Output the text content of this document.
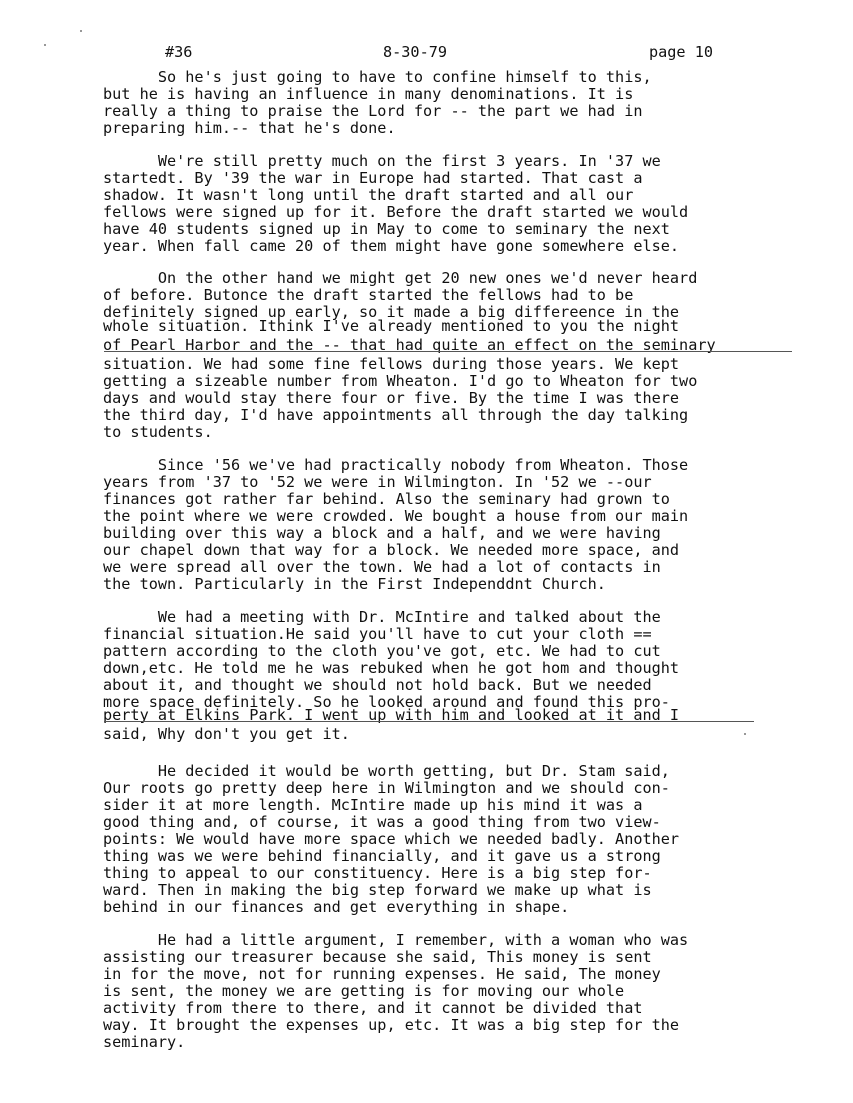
#36	8-30-79	page 10
So he's just going to have to confine himself to this,
but he is having an influence in many denominations. It is
really a thing to praise the Lord for -- the part we had in
preparing him.-- that he's done.
We're still pretty much on the first 3 years. In '37 we
startedt. By '39 the war in Europe had started. That cast a
shadow. It wasn't long until the draft started and all our
fellows were signed up for it. Before the draft started we would
have 40 students signed up in May to come to seminary the next
year. When fall came 20 of them might have gone somewhere else.
On the other hand we might get 20 new ones we'd never heard
of before. Butonce the draft started the fellows had to be
definitely signed up early, so it made a big differeence in the
whole situation. Ithink I've already mentioned to you the night
of Pearl Harbor and the -- that had quite an effect on the seminary
situation. We had some fine fellows during those years. We kept
getting a sizeable number from Wheaton. I'd go to Wheaton for two
days and would stay there four or five. By the time I was there
the third day, I'd have appointments all through the day talking
to students.
Since '56 we've had practically nobody from Wheaton. Those
years from '37 to '52 we were in Wilmington. In '52 we --our
finances got rather far behind. Also the seminary had grown to
the point where we were crowded. We bought a house from our main
building over this way a block and a half, and we were having
our chapel down that way for a block. We needed more space, and
we were spread all over the town. We had a lot of contacts in
the town. Particularly in the First Independdnt Church.
We had a meeting with Dr. McIntire and talked about the
financial situation.He said you'll have to cut your cloth ==
pattern according to the cloth you've got, etc. We had to cut
down,etc. He told me he was rebuked when he got hom and thought
about it, and thought we should not hold back. But we needed
more space definitely. So he looked around and found this pro-
perty at Elkins Park. I went up with him and looked at it and I
said, Why don't you get it.
He decided it would be worth getting, but Dr. Stam said,
Our roots go pretty deep here in Wilmington and we should con-
sider it at more length. McIntire made up his mind it was a
good thing and, of course, it was a good thing from two view-
points: We would have more space which we needed badly. Another
thing was we were behind financially, and it gave us a strong
thing to appeal to our constituency. Here is a big step for-
ward. Then in making the big step forward we make up what is
behind in our finances and get everything in shape.
He had a little argument, I remember, with a woman who was
assisting our treasurer because she said, This money is sent
in for the move, not for running expenses. He said, The money
is sent, the money we are getting is for moving our whole
activity from there to there, and it cannot be divided that
way. It brought the expenses up, etc. It was a big step for the
seminary.
